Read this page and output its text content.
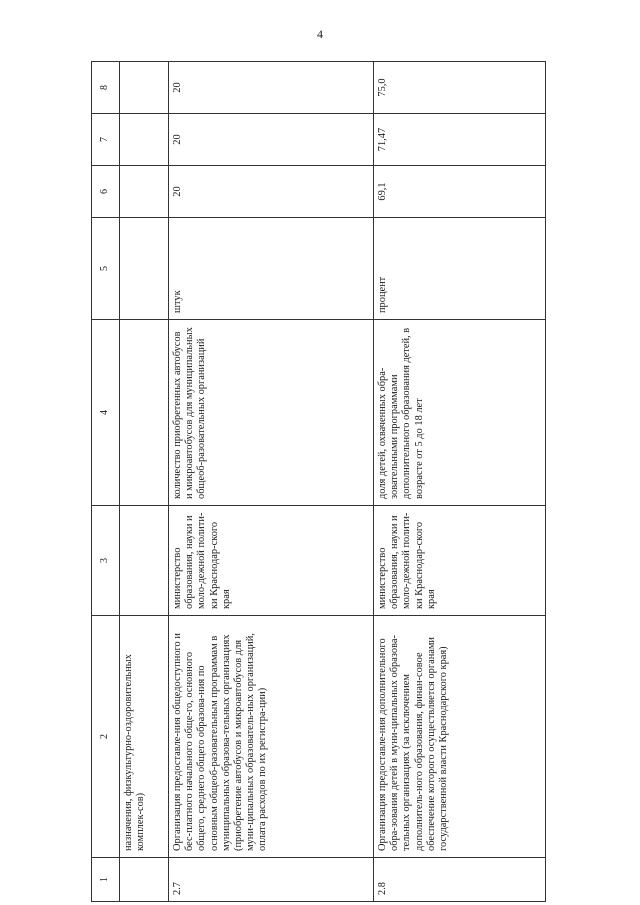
4
1	2	3	4	5	6	7	8
	назначения, физкультурно-оздоровительных комплек-сов)						
2.7	Организация предоставле-ния общедоступного и бес-платного начального обще-го, основного общего, среднего общего образова-ния по основным общеоб-разовательным программам в муниципальных образова-тельных организациях (приобретение автобусов и микроавтобусов для муни-ципальных образователь-ных организаций, оплата расходов по их регистра-ции)	министерство образования, науки и моло-дежной полити-ки Краснодар-ского края	количество приобретенных автобусов и микроавтобусов для муниципальных общеоб-разовательных организаций	штук	20	20	20
2.8	Организация предоставле-ния дополнительного обра-зования детей в муни-ципальных образова-тельных организациях (за исключением дополнитель-ного образования, финан-совое обеспечение которого осуществляется органами государственной власти Краснодарского края)	министерство образования, науки и моло-дежной полити-ки Краснодар-ского края	доля детей, охваченных обра-зовательными программами дополнительного образования детей, в возрасте от 5 до 18 лет	процент	69,1	71,47	75,0
